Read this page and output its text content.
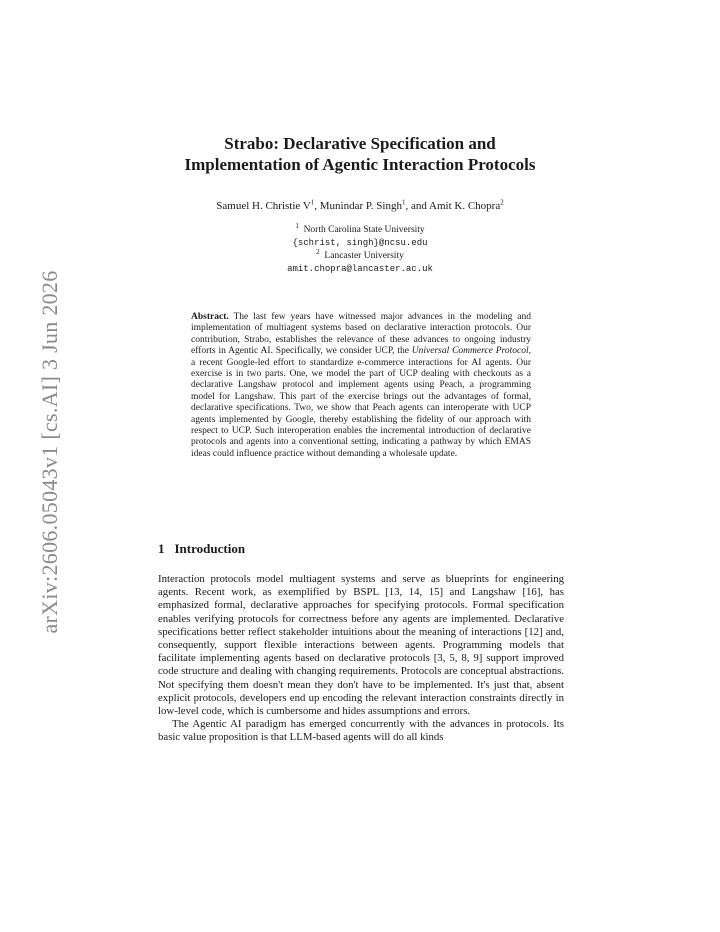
arXiv:2606.05043v1 [cs.AI] 3 Jun 2026
Strabo: Declarative Specification and
Implementation of Agentic Interaction Protocols
Samuel H. Christie $V^1$, Munindar P. Singh$^1$, and Amit K. Chopra$^2$
$^1$ North Carolina State University
{schrist, singh}@ncsu.edu
$^2$ Lancaster University
amit.chopra@lancaster.ac.uk

Abstract. The last few years have witnessed major advances in the modeling and implementation of multiagent systems based on declarative interaction protocols. Our contribution, Strabo, establishes the relevance of these advances to ongoing industry efforts in Agentic AI. Specifically, we consider UCP, the Universal Commerce Protocol, a recent Google-led effort to standardize e-commerce interactions for AI agents. Our exercise is in two parts. One, we model the part of UCP dealing with checkouts as a declarative Langshaw protocol and implement agents using Peach, a programming model for Langshaw. This part of the exercise brings out the advantages of formal, declarative specifications. Two, we show that Peach agents can interoperate with UCP agents implemented by Google, thereby establishing the fidelity of our approach with respect to UCP. Such interoperation enables the incremental introduction of declarative protocols and agents into a conventional setting, indicating a pathway by which EMAS ideas could influence practice without demanding a wholesale update.

1 Introduction

Interaction protocols model multiagent systems and serve as blueprints for engineering agents. Recent work, as exemplified by BSPL [13, 14, 15] and Langshaw [16], has emphasized formal, declarative approaches for specifying protocols. Formal specification enables verifying protocols for correctness before any agents are implemented. Declarative specifications better reflect stakeholder intuitions about the meaning of interactions [12] and, consequently, support flexible interactions between agents. Programming models that facilitate implementing agents based on declarative protocols [3, 5, 8, 9] support improved code structure and dealing with changing requirements. Protocols are conceptual abstractions. Not specifying them doesn't mean they don't have to be implemented. It's just that, absent explicit protocols, developers end up encoding the relevant interaction constraints directly in low-level code, which is cumbersome and hides assumptions and errors.

The Agentic AI paradigm has emerged concurrently with the advances in protocols. Its basic value proposition is that LLM-based agents will do all kinds
